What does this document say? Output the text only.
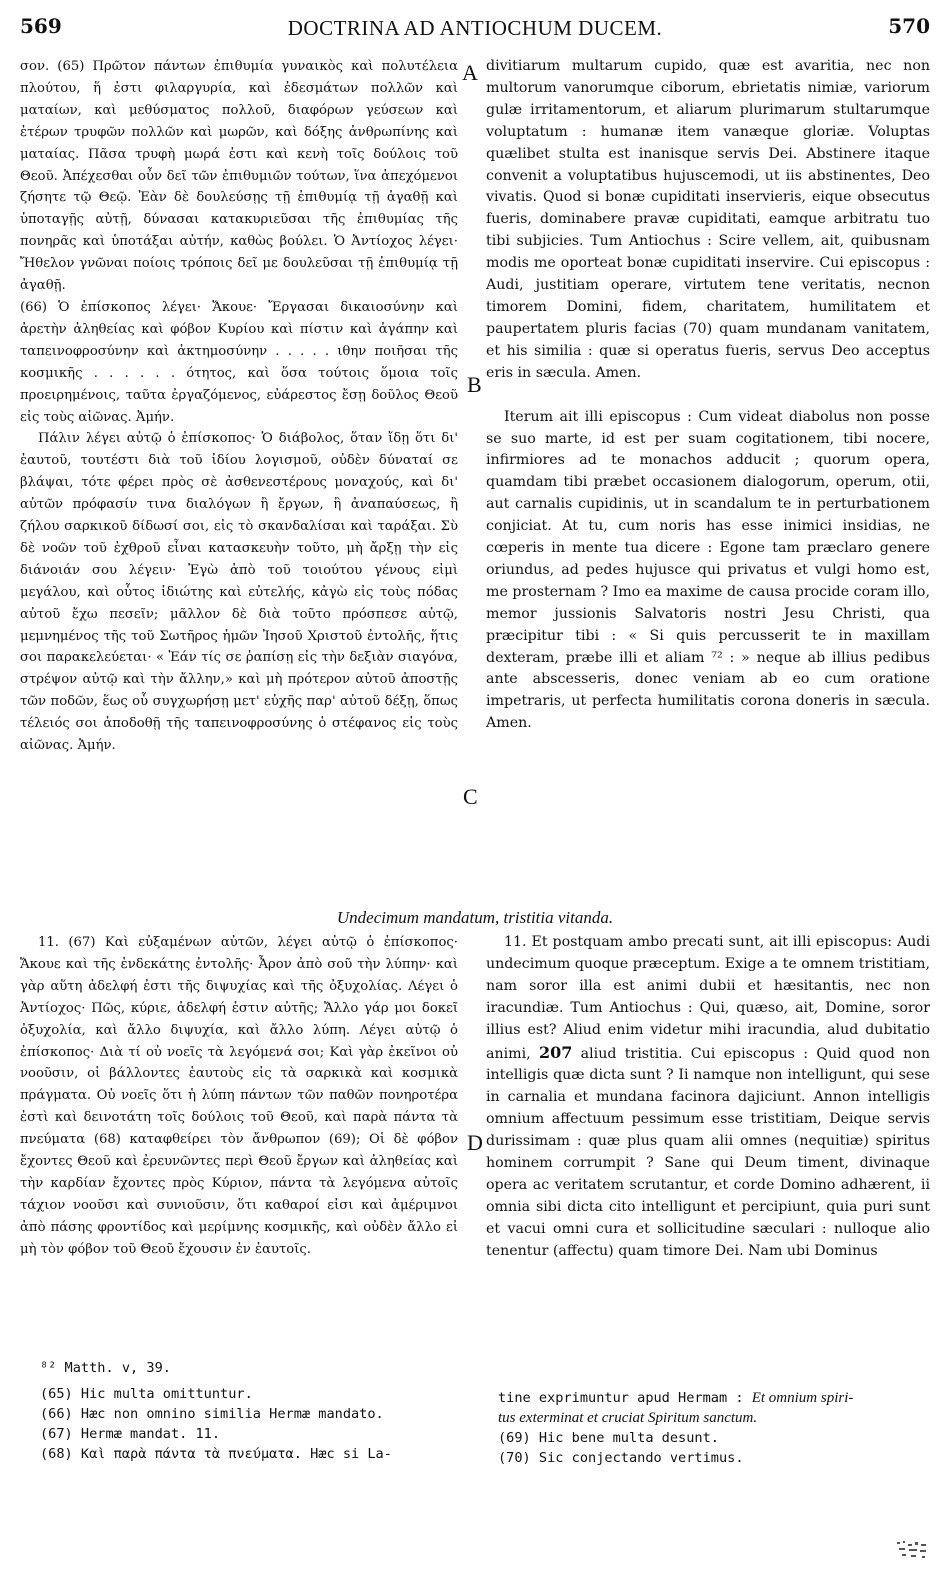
569	DOCTRINA AD ANTIOCHUM DUCEM.	570
A
B
C
D

σον. (65) Πρῶτον πάντων ἐπιθυμία γυναικὸς καὶ πολυτέλεια πλούτου, ἥ ἐστι φιλαργυρία, καὶ ἐδεσμάτων πολλῶν καὶ ματαίων, καὶ μεθύσματος πολλοῦ, διαφόρων γεύσεων καὶ ἑτέρων τρυφῶν πολλῶν καὶ μωρῶν, καὶ δόξης ἀνθρωπίνης καὶ ματαίας. Πᾶσα τρυφὴ μωρά ἐστι καὶ κενὴ τοῖς δούλοις τοῦ Θεοῦ. Ἀπέχεσθαι οὖν δεῖ τῶν ἐπιθυμιῶν τούτων, ἵνα ἀπεχόμενοι ζήσητε τῷ Θεῷ. Ἐὰν δὲ δουλεύσῃς τῇ ἐπιθυμίᾳ τῇ ἀγαθῇ καὶ ὑποταγῇς αὐτῇ, δύνασαι κατακυριεῦσαι τῆς ἐπιθυμίας τῆς πονηρᾶς καὶ ὑποτάξαι αὐτήν, καθὼς βούλει. Ὁ Ἀντίοχος λέγει· Ἤθελον γνῶναι ποίοις τρόποις δεῖ με δουλεῦσαι τῇ ἐπιθυμίᾳ τῇ ἀγαθῇ.

(66) Ὁ ἐπίσκοπος λέγει· Ἄκουε· Ἔργασαι δικαιοσύνην καὶ ἀρετὴν ἀληθείας καὶ φόβον Κυρίου καὶ πίστιν καὶ ἀγάπην καὶ ταπεινοφροσύνην καὶ ἀκτημοσύνην . . . . . ιθην ποιῆσαι τῆς κοσμικῆς . . . . . . ότητος, καὶ ὅσα τούτοις ὅμοια τοῖς προειρημένοις, ταῦτα ἐργαζόμενος, εὐάρεστος ἔσῃ δοῦλος Θεοῦ εἰς τοὺς αἰῶνας. Ἀμήν.

Πάλιν λέγει αὐτῷ ὁ ἐπίσκοπος· Ὁ διάβολος, ὅταν ἴδῃ ὅτι δι' ἑαυτοῦ, τουτέστι διὰ τοῦ ἰδίου λογισμοῦ, οὐδὲν δύναταί σε βλάψαι, τότε φέρει πρὸς σὲ ἀσθενεστέρους μοναχούς, καὶ δι' αὐτῶν πρόφασίν τινα διαλόγων ἢ ἔργων, ἢ ἀναπαύσεως, ἢ ζήλου σαρκικοῦ δίδωσί σοι, εἰς τὸ σκανδαλίσαι καὶ ταράξαι. Σὺ δὲ νοῶν τοῦ ἐχθροῦ εἶναι κατασκευὴν τοῦτο, μὴ ἄρξῃ τὴν εἰς διάνοιάν σου λέγειν· Ἐγὼ ἀπὸ τοῦ τοιούτου γένους εἰμὶ μεγάλου, καὶ οὗτος ἰδιώτης καὶ εὐτελής, κἀγὼ εἰς τοὺς πόδας αὐτοῦ ἔχω πεσεῖν; μᾶλλον δὲ διὰ τοῦτο πρόσπεσε αὐτῷ, μεμνημένος τῆς τοῦ Σωτῆρος ἡμῶν Ἰησοῦ Χριστοῦ ἐντολῆς, ἥτις σοι παρακελεύεται· « Ἐάν τίς σε ῥαπίσῃ εἰς τὴν δεξιὰν σιαγόνα, στρέψον αὐτῷ καὶ τὴν ἄλλην,» καὶ μὴ πρότερον αὐτοῦ ἀποστῇς τῶν ποδῶν, ἕως οὗ συγχωρήσῃ μετ' εὐχῆς παρ' αὐτοῦ δέξῃ, ὅπως τέλειός σοι ἀποδοθῇ τῆς ταπεινοφροσύνης ὁ στέφανος εἰς τοὺς αἰῶνας. Ἀμήν.

divitiarum multarum cupido, quæ est avaritia, nec non multorum vanorumque ciborum, ebrietatis nimiæ, variorum gulæ irritamentorum, et aliarum plurimarum stultarumque voluptatum : humanæ item vanæque gloriæ. Voluptas quælibet stulta est inanisque servis Dei. Abstinere itaque convenit a voluptatibus hujuscemodi, ut iis abstinentes, Deo vivatis. Quod si bonæ cupiditati inservieris, eique obsecutus fueris, dominabere pravæ cupiditati, eamque arbitratu tuo tibi subjicies. Tum Antiochus : Scire vellem, ait, quibusnam modis me oporteat bonæ cupiditati inservire. Cui episcopus : Audi, justitiam operare, virtutem tene veritatis, necnon timorem Domini, fidem, charitatem, humilitatem et paupertatem pluris facias (70) quam mundanam vanitatem, et his similia : quæ si operatus fueris, servus Deo acceptus eris in sæcula. Amen.

Iterum ait illi episcopus : Cum videat diabolus non posse se suo marte, id est per suam cogitationem, tibi nocere, infirmiores ad te monachos adducit ; quorum opera, quamdam tibi præbet occasionem dialogorum, operum, otii, aut carnalis cupidinis, ut in scandalum te in perturbationem conjiciat. At tu, cum noris has esse inimici insidias, ne cœperis in mente tua dicere : Egone tam præclaro genere oriundus, ad pedes hujusce qui privatus et vulgi homo est, me prosternam ? Imo ea maxime de causa procide coram illo, memor jussionis Salvatoris nostri Jesu Christi, qua præcipitur tibi : « Si quis percusserit te in maxillam dexteram, præbe illi et aliam ⁷² : » neque ab illius pedibus ante abscesseris, donec veniam ab eo cum oratione impetraris, ut perfecta humilitatis corona doneris in sæcula. Amen.

Undecimum mandatum, tristitia vitanda.

11. (67) Καὶ εὐξαμένων αὐτῶν, λέγει αὐτῷ ὁ ἐπίσκοπος· Ἄκουε καὶ τῆς ἑνδεκάτης ἐντολῆς· Ἆρον ἀπὸ σοῦ τὴν λύπην· καὶ γὰρ αὕτη ἀδελφή ἐστι τῆς διψυχίας καὶ τῆς ὀξυχολίας. Λέγει ὁ Ἀντίοχος· Πῶς, κύριε, ἀδελφή ἐστιν αὐτῆς; Ἄλλο γάρ μοι δοκεῖ ὀξυχολία, καὶ ἄλλο διψυχία, καὶ ἄλλο λύπη. Λέγει αὐτῷ ὁ ἐπίσκοπος· Διὰ τί οὐ νοεῖς τὰ λεγόμενά σοι; Καὶ γὰρ ἐκεῖνοι οὐ νοοῦσιν, οἱ βάλλοντες ἑαυτοὺς εἰς τὰ σαρκικὰ καὶ κοσμικὰ πράγματα. Οὐ νοεῖς ὅτι ἡ λύπη πάντων τῶν παθῶν πονηροτέρα ἐστὶ καὶ δεινοτάτη τοῖς δούλοις τοῦ Θεοῦ, καὶ παρὰ πάντα τὰ πνεύματα (68) καταφθείρει τὸν ἄνθρωπον (69); Οἱ δὲ φόβον ἔχοντες Θεοῦ καὶ ἐρευνῶντες περὶ Θεοῦ ἔργων καὶ ἀληθείας καὶ τὴν καρδίαν ἔχοντες πρὸς Κύριον, πάντα τὰ λεγόμενα αὐτοῖς τάχιον νοοῦσι καὶ συνιοῦσιν, ὅτι καθαροί εἰσι καὶ ἀμέριμνοι ἀπὸ πάσης φροντίδος καὶ μερίμνης κοσμικῆς, καὶ οὐδὲν ἄλλο εἰ μὴ τὸν φόβον τοῦ Θεοῦ ἔχουσιν ἐν ἑαυτοῖς.

11. Et postquam ambo precati sunt, ait illi episcopus: Audi undecimum quoque præceptum. Exige a te omnem tristitiam, nam soror illa est animi dubii et hæsitantis, nec non iracundiæ. Tum Antiochus : Qui, quæso, ait, Domine, soror illius est? Aliud enim videtur mihi iracundia, alud dubitatio animi, 207 aliud tristitia. Cui episcopus : Quid quod non intelligis quæ dicta sunt ? Ii namque non intelligunt, qui sese in carnalia et mundana facinora dajiciunt. Annon intelligis omnium affectuum pessimum esse tristitiam, Deique servis durissimam : quæ plus quam alii omnes (nequitiæ) spiritus hominem corrumpit ? Sane qui Deum timent, divinaque opera ac veritatem scrutantur, et corde Domino adhærent, ii omnia sibi dicta cito intelligunt et percipiunt, quia puri sunt et vacui omni cura et sollicitudine sæculari : nulloque alio tenentur (affectu) quam timore Dei. Nam ubi Dominus

⁸² Matth. v, 39.
(65) Hic multa omittuntur.
(66) Hæc non omnino similia Hermæ mandato.
(67) Hermæ mandat. 11.
(68) Καὶ παρὰ πάντα τὰ πνεύματα. Hæc si La-
tine exprimuntur apud Hermam : Et omnium spiri-
tus exterminat et cruciat Spiritum sanctum.
(69) Hic bene multa desunt.
(70) Sic conjectando vertimus.
